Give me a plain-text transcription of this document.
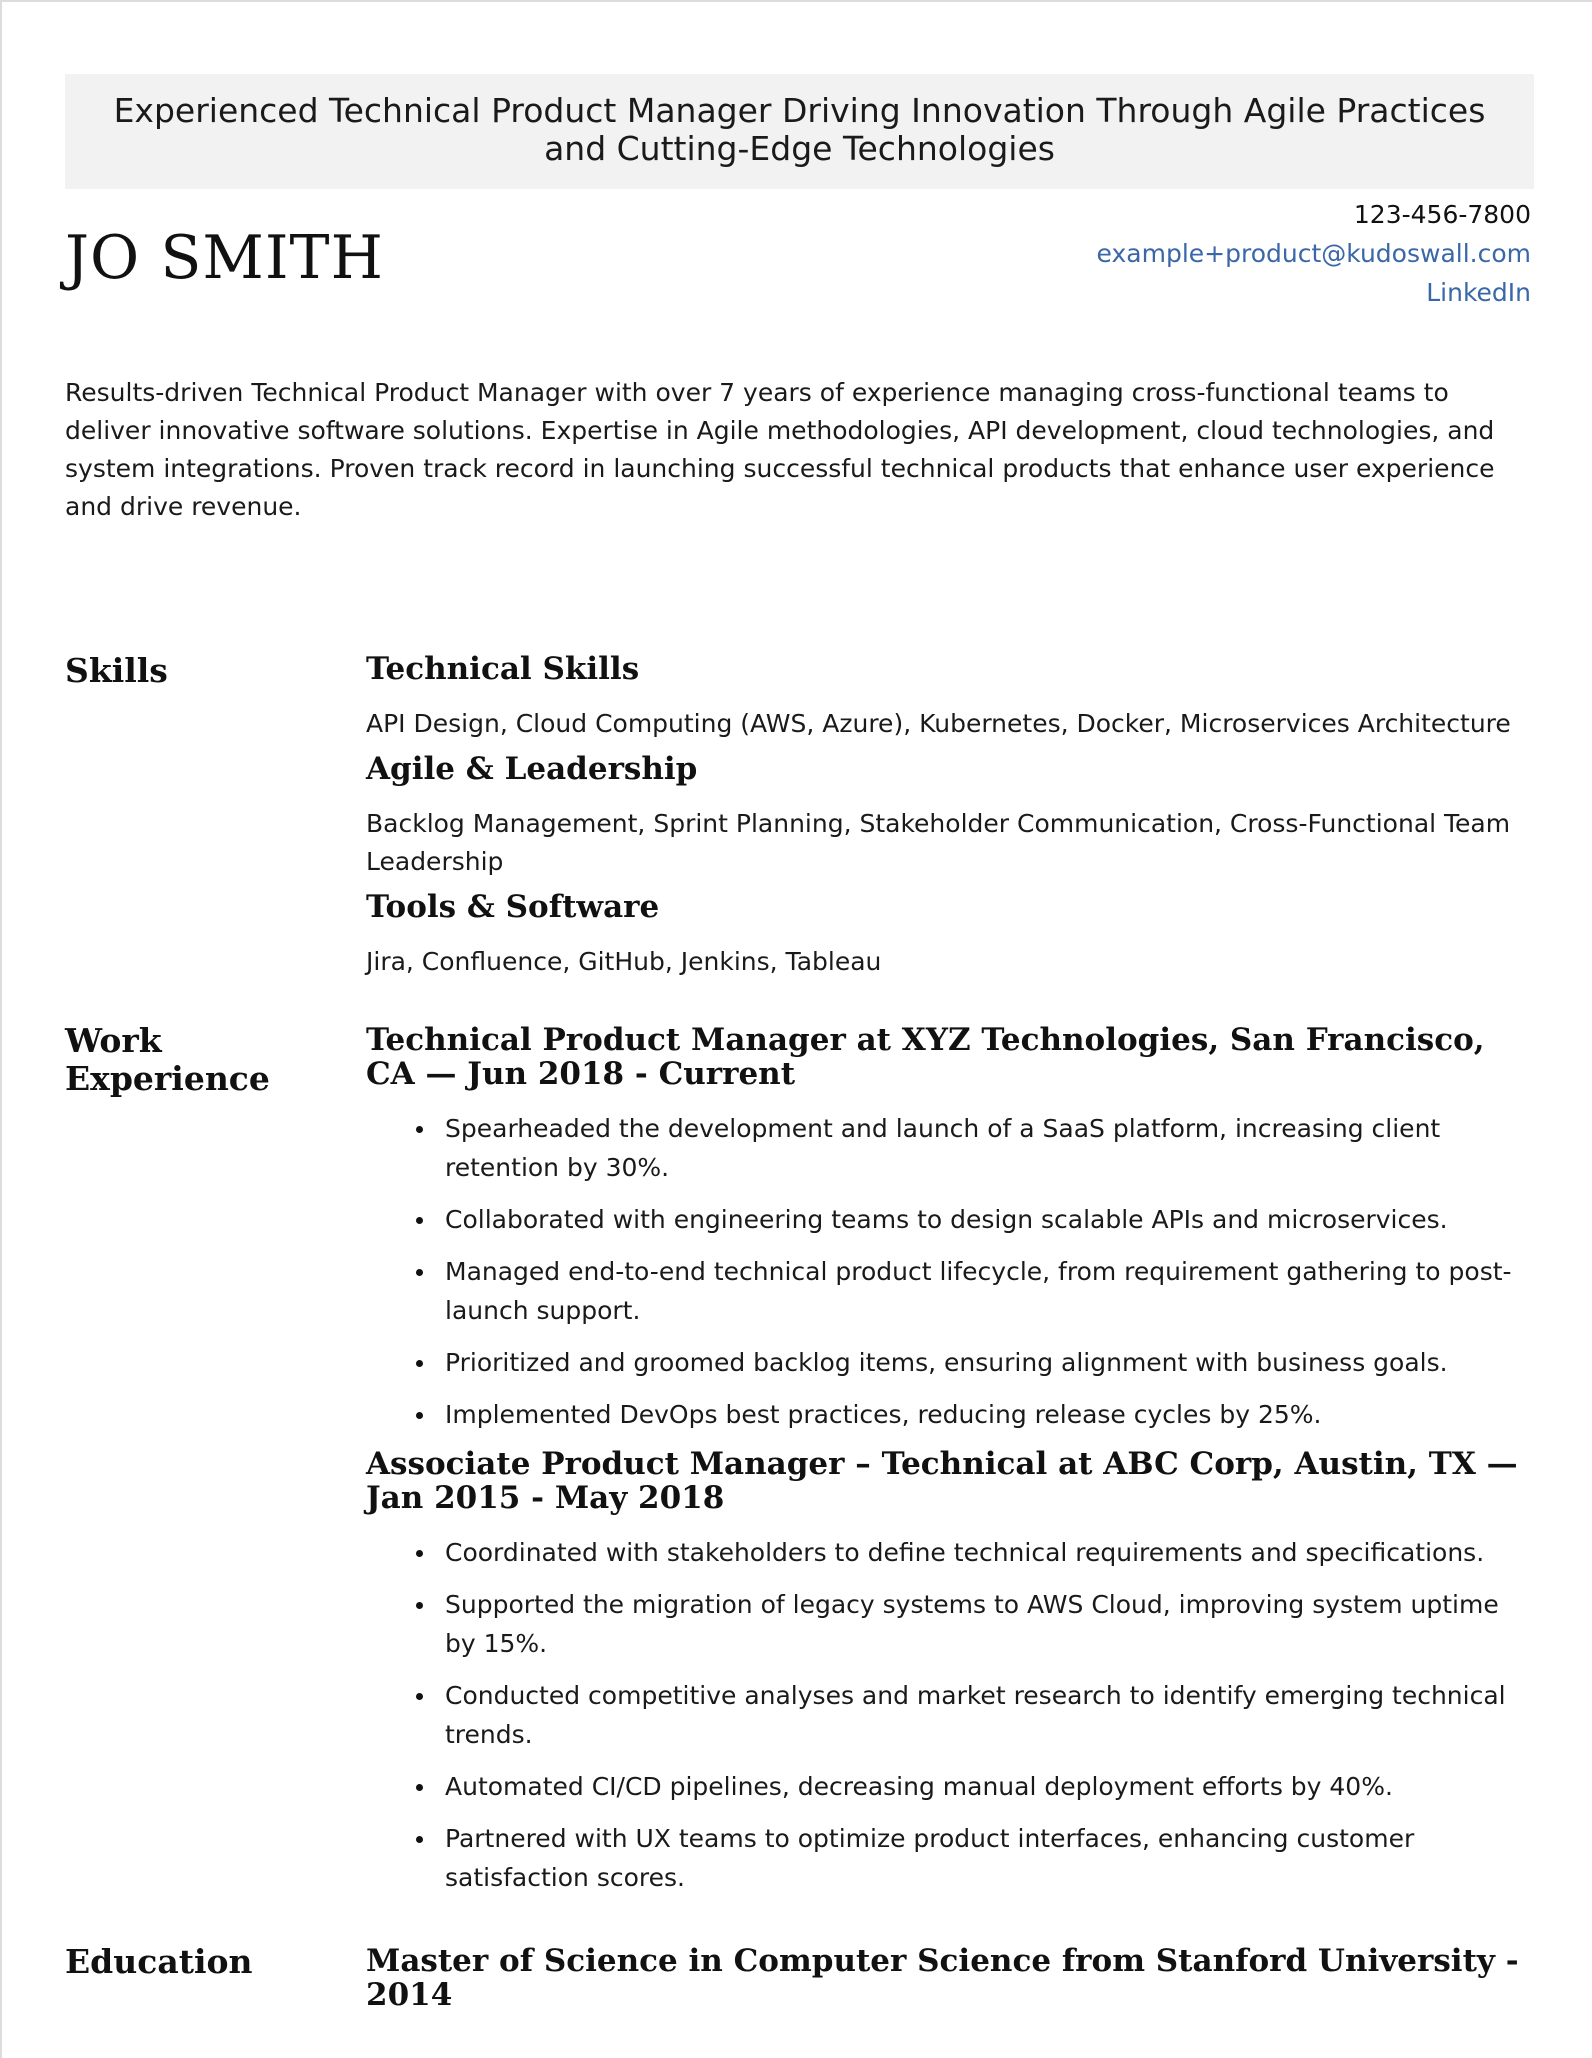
Experienced Technical Product Manager Driving Innovation Through Agile Practices and Cutting-Edge Technologies
JO SMITH
123-456-7800
example+product@kudoswall.com
LinkedIn

Results-driven Technical Product Manager with over 7 years of experience managing cross-functional teams to deliver innovative software solutions. Expertise in Agile methodologies, API development, cloud technologies, and system integrations. Proven track record in launching successful technical products that enhance user experience and drive revenue.

Skills	Technical Skills

API Design, Cloud Computing (AWS, Azure), Kubernetes, Docker, Microservices Architecture

Agile & Leadership

Backlog Management, Sprint Planning, Stakeholder Communication, Cross-Functional Team Leadership

Tools & Software

Jira, Confluence, GitHub, Jenkins, Tableau

Work Experience
Technical Product Manager at XYZ Technologies, San Francisco, CA — Jun 2018 - Current
Spearheaded the development and launch of a SaaS platform, increasing client retention by 30%.
Collaborated with engineering teams to design scalable APIs and microservices.
Managed end-to-end technical product lifecycle, from requirement gathering to post-launch support.
Prioritized and groomed backlog items, ensuring alignment with business goals.
Implemented DevOps best practices, reducing release cycles by 25%.
Associate Product Manager – Technical at ABC Corp, Austin, TX — Jan 2015 - May 2018
Coordinated with stakeholders to define technical requirements and specifications.
Supported the migration of legacy systems to AWS Cloud, improving system uptime by 15%.
Conducted competitive analyses and market research to identify emerging technical trends.
Automated CI/CD pipelines, decreasing manual deployment efforts by 40%.
Partnered with UX teams to optimize product interfaces, enhancing customer satisfaction scores.
Education	Master of Science in Computer Science from Stanford University - 2014
